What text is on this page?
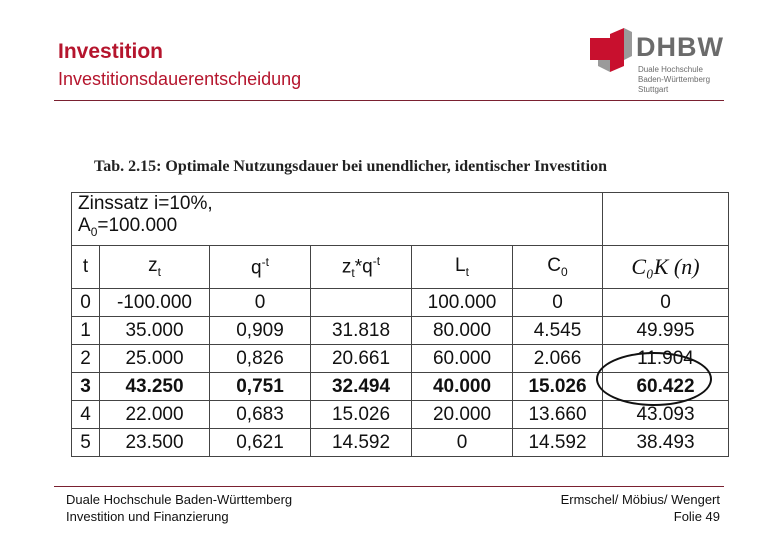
Investition
Investitionsdauerentscheidung
DHBW
Duale Hochschule
Baden-Württemberg
Stuttgart
Tab. 2.15: Optimale Nutzungsdauer bei unendlicher, identischer Investition
Zinssatz i=10%,
$A_0=100.000$						

t	$z_t$	$q^{-t}$	$z_t*q^{-t}$	$L_t$	$C_0$	C₀K (n)
0	-100.000	0		100.000	0	0
1	35.000	0,909	31.818	80.000	4.545	49.995
2	25.000	0,826	20.661	60.000	2.066	11.904
3	43.250	0,751	32.494	40.000	15.026	60.422
4	22.000	0,683	15.026	20.000	13.660	43.093
5	23.500	0,621	14.592	0	14.592	38.493
Duale Hochschule Baden-Württemberg
Investition und Finanzierung
Ermschel/ Möbius/ Wengert
Folie 49
